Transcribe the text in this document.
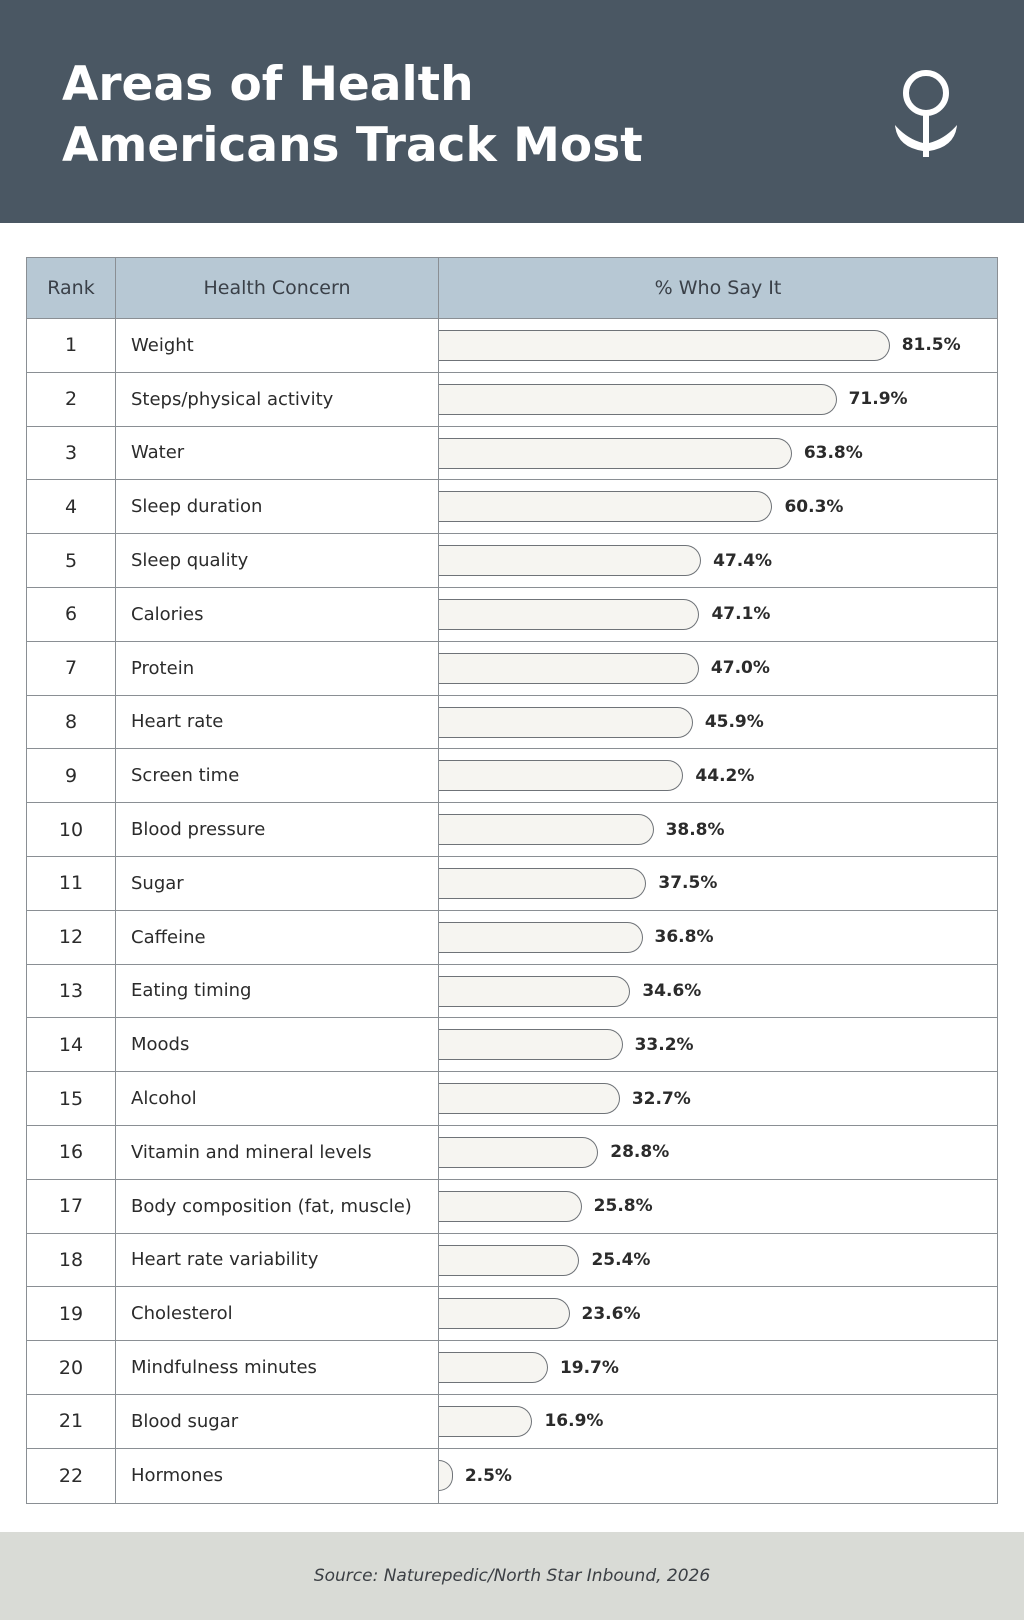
Areas of Health
Americans Track Most
Rank	Health Concern	% Who Say It
1	Weight	81.5%
2	Steps/physical activity	71.9%
3	Water	63.8%
4	Sleep duration	60.3%
5	Sleep quality	47.4%
6	Calories	47.1%
7	Protein	47.0%
8	Heart rate	45.9%
9	Screen time	44.2%
10	Blood pressure	38.8%
11	Sugar	37.5%
12	Caffeine	36.8%
13	Eating timing	34.6%
14	Moods	33.2%
15	Alcohol	32.7%
16	Vitamin and mineral levels	28.8%
17	Body composition (fat, muscle)	25.8%
18	Heart rate variability	25.4%
19	Cholesterol	23.6%
20	Mindfulness minutes	19.7%
21	Blood sugar	16.9%
22	Hormones	2.5%
Source: Naturepedic/North Star Inbound, 2026
